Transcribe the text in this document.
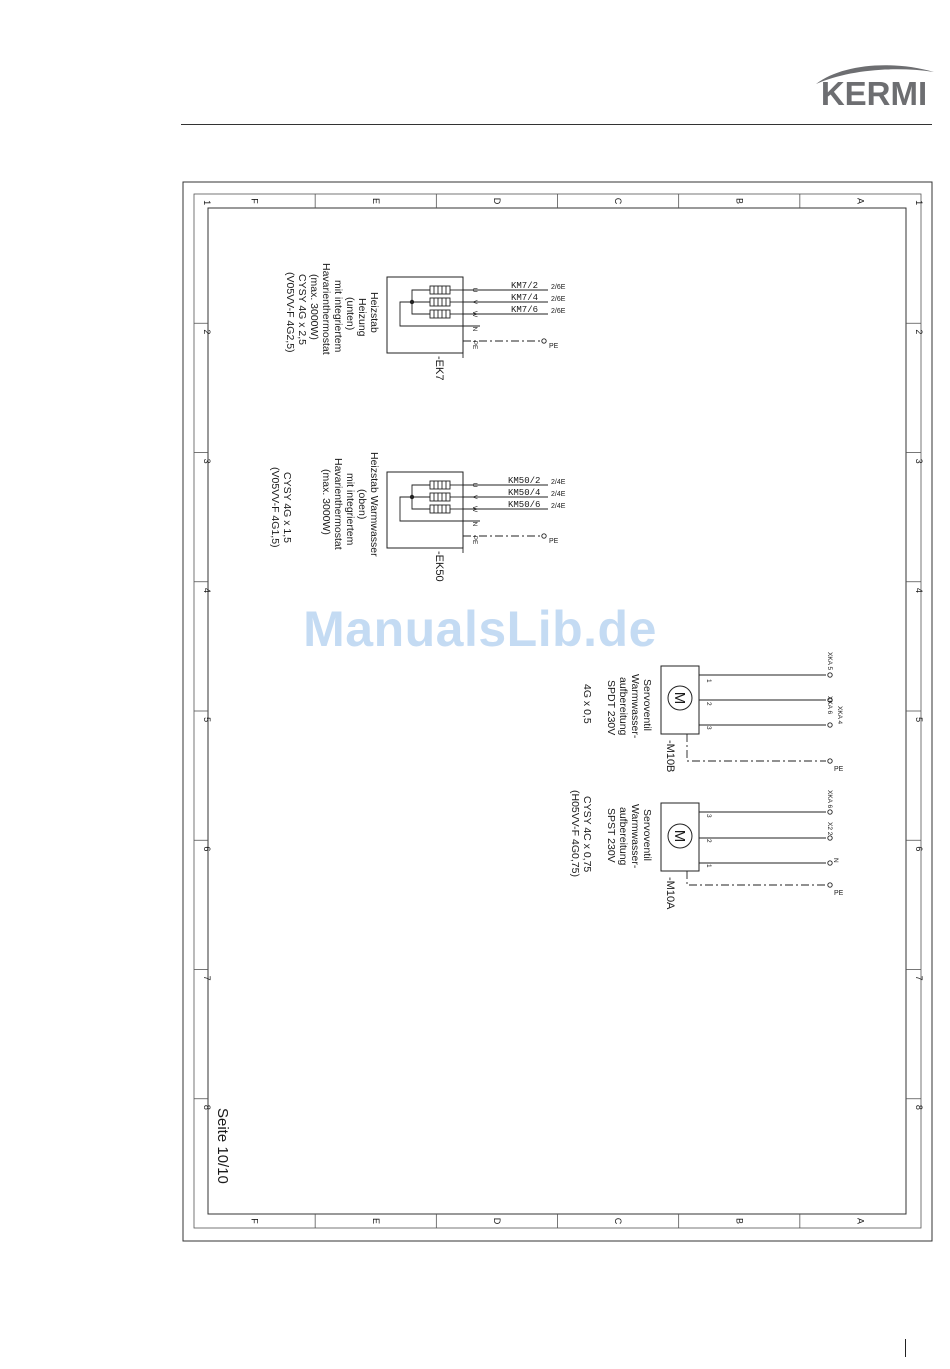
KERMI
F
F
E
E
D
D
C
C
B
B
A
A
1	1
2	2
3	3
4	4
5	5
6	6
7	7
8	8
Seite 10/10
KM7/2
KM7/4
KM7/6
2/6E
2/6E
2/6E
PE
U
V
W
N
PE
-EK7
Heizstab
Heizung
(unten)
mit integriertem
Havarienthermostat
(max. 3000W)
CYSY 4G x 2,5
(V05VV-F 4G2,5)
KM50/2
KM50/4
KM50/6
2/4E
2/4E
2/4E
PE
U
V
W
N
PE
-EK50
Heizstab Warmwasser
(oben)
mit integriertem
Havarienthermostat
(max. 3000W)
CYSY 4G x 1,5
(V05VV-F 4G1,5)
M
1
2
3
XKA 5
XKA 6
XKA 4
PE
-M10B
Servoventil
Warmwasser-
aufbereitung
SPDT 230V
4G x 0,5
M
3
2
1
XKA 6
X2 2
N
PE
-M10A
Servoventil
Warmwasser-
aufbereitung
SPST 230V
CYSY 4C x 0,75
(H05VV-F 4G0,75)
ManualsLib.de
